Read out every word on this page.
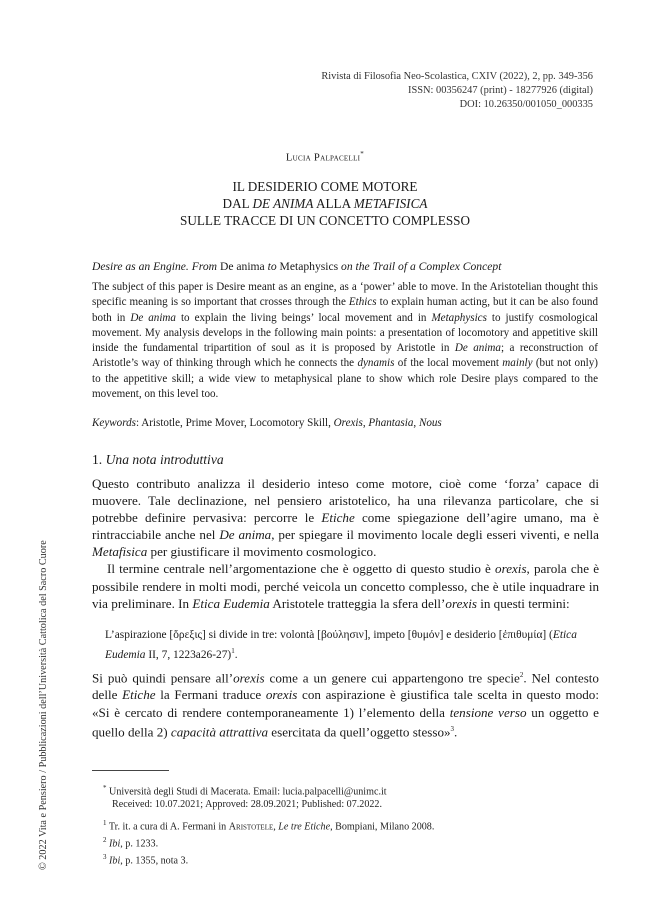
Rivista di Filosofia Neo-Scolastica, CXIV (2022), 2, pp. 349-356
ISSN: 00356247 (print) - 18277926 (digital)
DOI: 10.26350/001050_000335
Lucia Palpacelli*
IL DESIDERIO COME MOTORE
DAL DE ANIMA ALLA METAFISICA
SULLE TRACCE DI UN CONCETTO COMPLESSO
Desire as an Engine. From De anima to Metaphysics on the Trail of a Complex Concept
The subject of this paper is Desire meant as an engine, as a ‘power’ able to move. In the Aristotelian thought this specific meaning is so important that crosses through the Ethics to explain human acting, but it can be also found both in De anima to explain the living beings’ local movement and in Metaphysics to justify cosmological movement. My analysis develops in the following main points: a presentation of locomotory and appetitive skill inside the fundamental tripartition of soul as it is proposed by Aristotle in De anima; a reconstruction of Aristotle’s way of thinking through which he connects the dynamis of the local movement mainly (but not only) to the appetitive skill; a wide view to metaphysical plane to show which role Desire plays compared to the movement, on this level too.
Keywords: Aristotle, Prime Mover, Locomotory Skill, Orexis, Phantasia, Nous
1. Una nota introduttiva

Questo contributo analizza il desiderio inteso come motore, cioè come ‘forza’ capace di muovere. Tale declinazione, nel pensiero aristotelico, ha una rilevanza particolare, che si potrebbe definire pervasiva: percorre le Etiche come spiegazione dell’agire umano, ma è rintracciabile anche nel De anima, per spiegare il movimento locale degli esseri viventi, e nella Metafisica per giustificare il movimento cosmologico.

Il termine centrale nell’argomentazione che è oggetto di questo studio è orexis, parola che è possibile rendere in molti modi, perché veicola un concetto complesso, che è utile inquadrare in via preliminare. In Etica Eudemia Aristotele tratteggia la sfera dell’orexis in questi termini:

L’aspirazione [ὄρεξις] si divide in tre: volontà [βούλησιν], impeto [θυμόν] e desiderio [ἐπιθυμία] (Etica Eudemia II, 7, 1223a26-27)$^1$.
Si può quindi pensare all’orexis come a un genere cui appartengono tre specie$^2$. Nel contesto delle Etiche la Fermani traduce orexis con aspirazione è giustifica tale scelta in questo modo: «Si è cercato di rendere contemporaneamente 1) l’elemento della tensione verso un oggetto e quello della 2) capacità attrattiva esercitata da quell’oggetto stesso»$^3$.
* Università degli Studi di Macerata. Email: lucia.palpacelli@unimc.it
Received: 10.07.2021; Approved: 28.09.2021; Published: 07.2022.
$^1$ Tr. it. a cura di A. Fermani in Aristotele, Le tre Etiche, Bompiani, Milano 2008.
$^2$ Ibi, p. 1233.
$^3$ Ibi, p. 1355, nota 3.
© 2022 Vita e Pensiero / Pubblicazioni dell’Università Cattolica del Sacro Cuore
